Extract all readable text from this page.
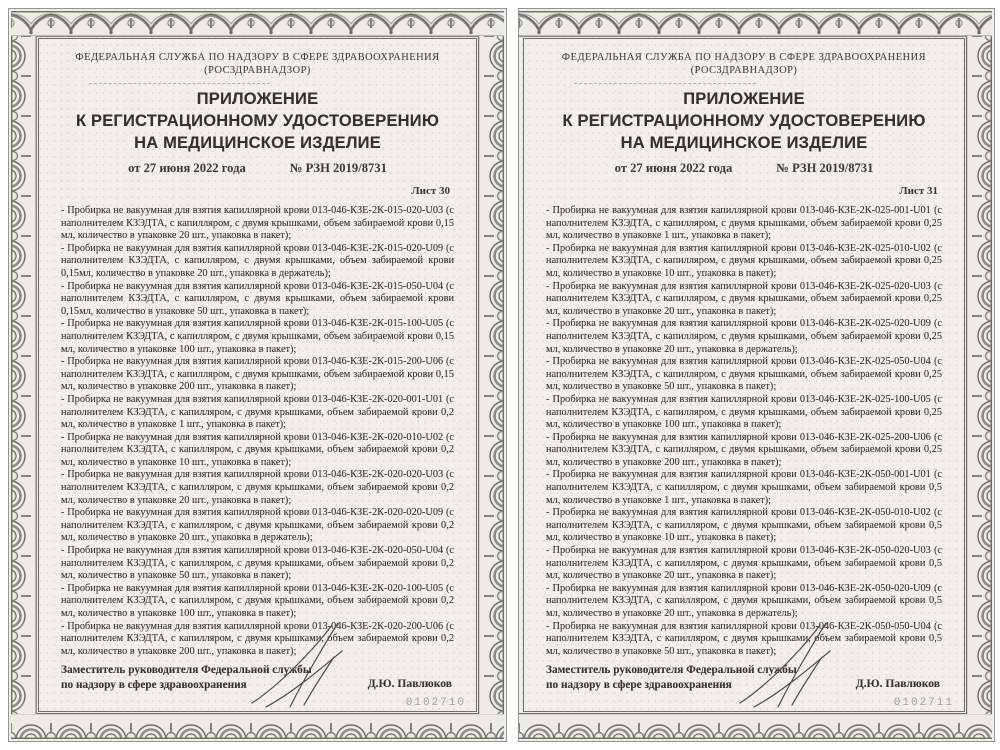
ФЕДЕРАЛЬНАЯ СЛУЖБА ПО НАДЗОРУ В СФЕРЕ ЗДРАВООХРАНЕНИЯ
(РОСЗДРАВНАДЗОР)
ПРИЛОЖЕНИЕ
К РЕГИСТРАЦИОННОМУ УДОСТОВЕРЕНИЮ
НА МЕДИЦИНСКОЕ ИЗДЕЛИЕ
от 27 июня 2022 года	№ РЗН 2019/8731
Лист 30

- Пробирка не вакуумная для взятия капиллярной крови 013-046-КЗЕ-2К-015-020-U03 (с наполнителем КЗЭДТА, с капилляром, с двумя крышками, объем забираемой крови 0,15 мл, количество в упаковке 20 шт., упаковка в пакет);

- Пробирка не вакуумная для взятия капиллярной крови 013-046-КЗЕ-2К-015-020-U09 (с наполнителем КЗЭДТА, с капилляром, с двумя крышками, объем забираемой крови 0,15мл, количество в упаковке 20 шт., упаковка в держатель);

- Пробирка не вакуумная для взятия капиллярной крови 013-046-КЗЕ-2К-015-050-U04 (с наполнителем КЗЭДТА, с капилляром, с двумя крышками, объем забираемой крови 0,15мл, количество в упаковке 50 шт., упаковка в пакет);

- Пробирка не вакуумная для взятия капиллярной крови 013-046-КЗЕ-2К-015-100-U05 (с наполнителем КЗЭДТА, с капилляром, с двумя крышками, объем забираемой крови 0,15 мл, количество в упаковке 100 шт., упаковка в пакет);

- Пробирка не вакуумная для взятия капиллярной крови 013-046-КЗЕ-2К-015-200-U06 (с наполнителем КЗЭДТА, с капилляром, с двумя крышками, объем забираемой крови 0,15 мл, количество в упаковке 200 шт., упаковка в пакет);

- Пробирка не вакуумная для взятия капиллярной крови 013-046-КЗЕ-2К-020-001-U01 (с наполнителем КЗЭДТА, с капилляром, с двумя крышками, объем забираемой крови 0,2 мл, количество в упаковке 1 шт., упаковка в пакет);

- Пробирка не вакуумная для взятия капиллярной крови 013-046-КЗЕ-2К-020-010-U02 (с наполнителем КЗЭДТА, с капилляром, с двумя крышками, объем забираемой крови 0,2 мл, количество в упаковке 10 шт., упаковка в пакет);

- Пробирка не вакуумная для взятия капиллярной крови 013-046-КЗЕ-2К-020-020-U03 (с наполнителем КЗЭДТА, с капилляром, с двумя крышками, объем забираемой крови 0,2 мл, количество в упаковке 20 шт., упаковка в пакет);

- Пробирка не вакуумная для взятия капиллярной крови 013-046-КЗЕ-2К-020-020-U09 (с наполнителем КЗЭДТА, с капилляром, с двумя крышками, объем забираемой крови 0,2 мл, количество в упаковке 20 шт., упаковка в держатель);

- Пробирка не вакуумная для взятия капиллярной крови 013-046-КЗЕ-2К-020-050-U04 (с наполнителем КЗЭДТА, с капилляром, с двумя крышками, объем забираемой крови 0,2 мл, количество в упаковке 50 шт., упаковка в пакет);

- Пробирка не вакуумная для взятия капиллярной крови 013-046-КЗЕ-2К-020-100-U05 (с наполнителем КЗЭДТА, с капилляром, с двумя крышками, объем забираемой крови 0,2 мл, количество в упаковке 100 шт., упаковка в пакет);

- Пробирка не вакуумная для взятия капиллярной крови 013-046-КЗЕ-2К-020-200-U06 (с наполнителем КЗЭДТА, с капилляром, с двумя крышками, объем забираемой крови 0,2 мл, количество в упаковке 200 шт., упаковка в пакет);

Заместитель руководителя Федеральной службы
по надзору в сфере здравоохранения	Д.Ю. Павлюков
0102710
ФЕДЕРАЛЬНАЯ СЛУЖБА ПО НАДЗОРУ В СФЕРЕ ЗДРАВООХРАНЕНИЯ
(РОСЗДРАВНАДЗОР)
ПРИЛОЖЕНИЕ
К РЕГИСТРАЦИОННОМУ УДОСТОВЕРЕНИЮ
НА МЕДИЦИНСКОЕ ИЗДЕЛИЕ
от 27 июня 2022 года	№ РЗН 2019/8731
Лист 31

- Пробирка не вакуумная для взятия капиллярной крови 013-046-КЗЕ-2К-025-001-U01 (с наполнителем КЗЭДТА, с капилляром, с двумя крышками, объем забираемой крови 0,25 мл, количество в упаковке 1 шт., упаковка в пакет);

- Пробирка не вакуумная для взятия капиллярной крови 013-046-КЗЕ-2К-025-010-U02 (с наполнителем КЗЭДТА, с капилляром, с двумя крышками, объем забираемой крови 0,25 мл, количество в упаковке 10 шт., упаковка в пакет);

- Пробирка не вакуумная для взятия капиллярной крови 013-046-КЗЕ-2К-025-020-U03 (с наполнителем КЗЭДТА, с капилляром, с двумя крышками, объем забираемой крови 0,25 мл, количество в упаковке 20 шт., упаковка в пакет);

- Пробирка не вакуумная для взятия капиллярной крови 013-046-КЗЕ-2К-025-020-U09 (с наполнителем КЗЭДТА, с капилляром, с двумя крышками, объем забираемой крови 0,25 мл, количество в упаковке 20 шт., упаковка в держатель);

- Пробирка не вакуумная для взятия капиллярной крови 013-046-КЗЕ-2К-025-050-U04 (с наполнителем КЗЭДТА, с капилляром, с двумя крышками, объем забираемой крови 0,25 мл, количество в упаковке 50 шт., упаковка в пакет);

- Пробирка не вакуумная для взятия капиллярной крови 013-046-КЗЕ-2К-025-100-U05 (с наполнителем КЗЭДТА, с капилляром, с двумя крышками, объем забираемой крови 0,25 мл, количество в упаковке 100 шт., упаковка в пакет);

- Пробирка не вакуумная для взятия капиллярной крови 013-046-КЗЕ-2К-025-200-U06 (с наполнителем КЗЭДТА, с капилляром, с двумя крышками, объем забираемой крови 0,25 мл, количество в упаковке 200 шт., упаковка в пакет);

- Пробирка не вакуумная для взятия капиллярной крови 013-046-КЗЕ-2К-050-001-U01 (с наполнителем КЗЭДТА, с капилляром, с двумя крышками, объем забираемой крови 0,5 мл, количество в упаковке 1 шт., упаковка в пакет);

- Пробирка не вакуумная для взятия капиллярной крови 013-046-КЗЕ-2К-050-010-U02 (с наполнителем КЗЭДТА, с капилляром, с двумя крышками, объем забираемой крови 0,5 мл, количество в упаковке 10 шт., упаковка в пакет);

- Пробирка не вакуумная для взятия капиллярной крови 013-046-КЗЕ-2К-050-020-U03 (с наполнителем КЗЭДТА, с капилляром, с двумя крышками, объем забираемой крови 0,5 мл, количество в упаковке 20 шт., упаковка в пакет);

- Пробирка не вакуумная для взятия капиллярной крови 013-046-КЗЕ-2К-050-020-U09 (с наполнителем КЗЭДТА, с капилляром, с двумя крышками, объем забираемой крови 0,5 мл, количество в упаковке 20 шт., упаковка в держатель);

- Пробирка не вакуумная для взятия капиллярной крови 013-046-КЗЕ-2К-050-050-U04 (с наполнителем КЗЭДТА, с капилляром, с двумя крышками, объем забираемой крови 0,5 мл, количество в упаковке 50 шт., упаковка в пакет);

Заместитель руководителя Федеральной службы
по надзору в сфере здравоохранения	Д.Ю. Павлюков
0102711
